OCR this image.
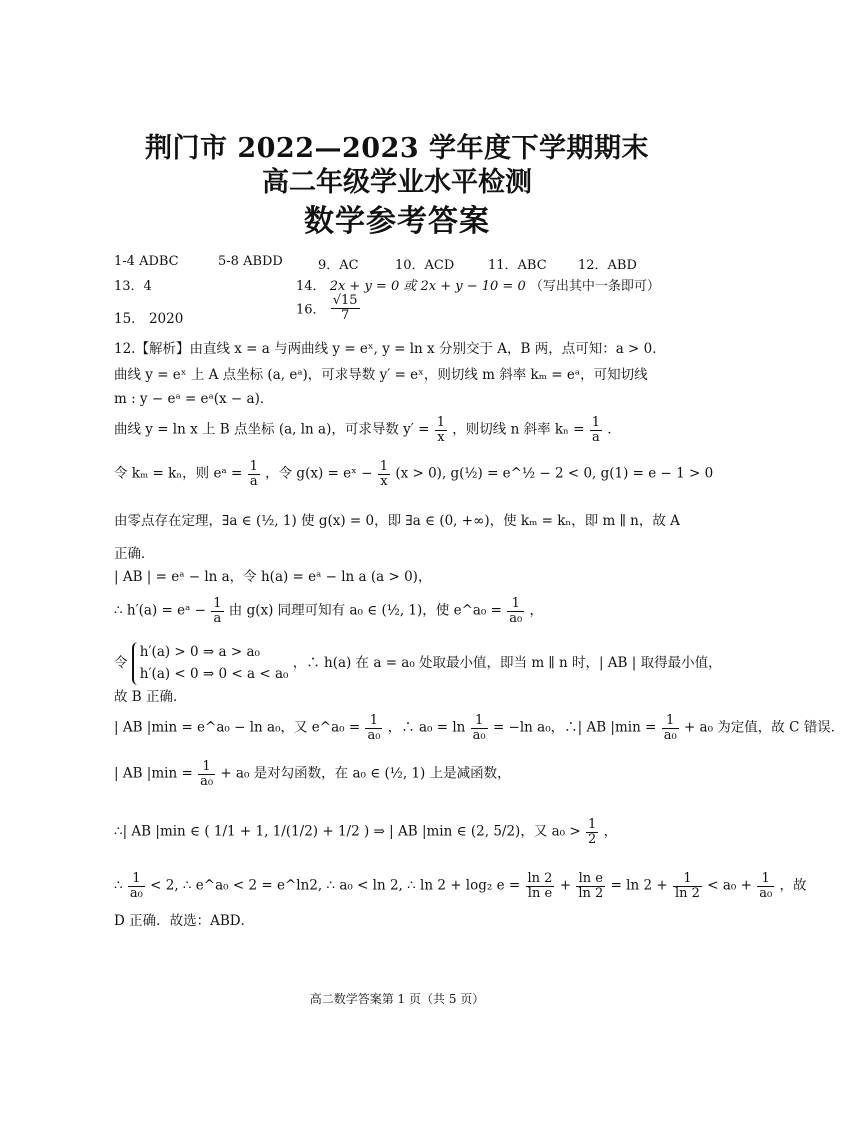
荆门市 2022—2023 学年度下学期期末
高二年级学业水平检测
数学参考答案
1-4 ADBC	5-8 ABDD	9．AC	10．ACD	11．ABC 12．ABD
13．4	14． 2x + y = 0 或 2x + y − 10 = 0 （写出其中一条即可）
15． 2020
16． $\frac{√15}{7}$
12.【解析】由直线 x = a 与两曲线 y = eˣ, y = ln x 分别交于 A，B 两，点可知：a > 0．
曲线 y = eˣ 上 A 点坐标 (a, eᵃ)，可求导数 y′ = eˣ，则切线 m 斜率 kₘ = eᵃ，可知切线
m : y − eᵃ = eᵃ(x − a)．
曲线 y = ln x 上 B 点坐标 (a, ln a)，可求导数 $y' = \frac{1}{x}$ ，则切线 n 斜率 $k_n = \frac{1}{a}$ ．
令 kₘ = kₙ，则 eᵃ = $\frac{1}{a}$ ，令 g(x) = eˣ − $\frac{1}{x} (x > 0)$, g(½) = e^½ − 2 < 0, g(1) = e − 1 > 0
由零点存在定理，∃a ∈ (½, 1) 使 g(x) = 0，即 ∃a ∈ (0, +∞)，使 kₘ = kₙ，即 m ∥ n，故 A
正确．
| AB | = eᵃ − ln a，令 h(a) = eᵃ − ln a (a > 0)，
∴ h′(a) = eᵃ − $\frac{1}{a}$ 由 g(x) 同理可知有 a₀ ∈ (½, 1)，使 e^a₀ = $\frac{1}{\text{a₀}}$ ，
令
h′(a) > 0 ⇒ a > a₀
h′(a) < 0 ⇒ 0 < a < a₀
，∴ h(a) 在 a = a₀ 处取最小值，即当 m ∥ n 时，| AB | 取得最小值，
故 B 正确．
| AB |min = e^a₀ − ln a₀，又 e^a₀ = $\frac{1}{\text{a₀}}$ ，∴ $a_0 = \ln \frac{1}{\text{a₀}} = -\ln$ a₀，∴| AB $|\min = \frac{1}{\text{a₀}} + a_0$ 为定值，故 C 错误．
| AB $|\min = \frac{1}{\text{a₀}} + a_0$ 是对勾函数，在 a₀ ∈ (½, 1) 上是减函数，
∴| AB |min ∈ ( 1/1 + 1, 1/(1/2) + 1/2 ) ⇒ | AB |min ∈ (2, 5/2)，又 $a_0 > \frac{1}{2}$ ，
∴ $\frac{1}{\text{a₀}} < 2$, ∴ e^a₀ < 2 = e^ln2, ∴ a₀ < ln 2, ∴ ln 2 + log₂ $e = \frac{\ln 2}{\text{ln e}} + \frac{\text{ln e}}{\ln 2} = \ln 2 + \frac{1}{\ln 2} < a_0 + \frac{1}{\text{a₀}}$ ，故
D 正确．故选：ABD．
高二数学答案第 1 页（共 5 页）
